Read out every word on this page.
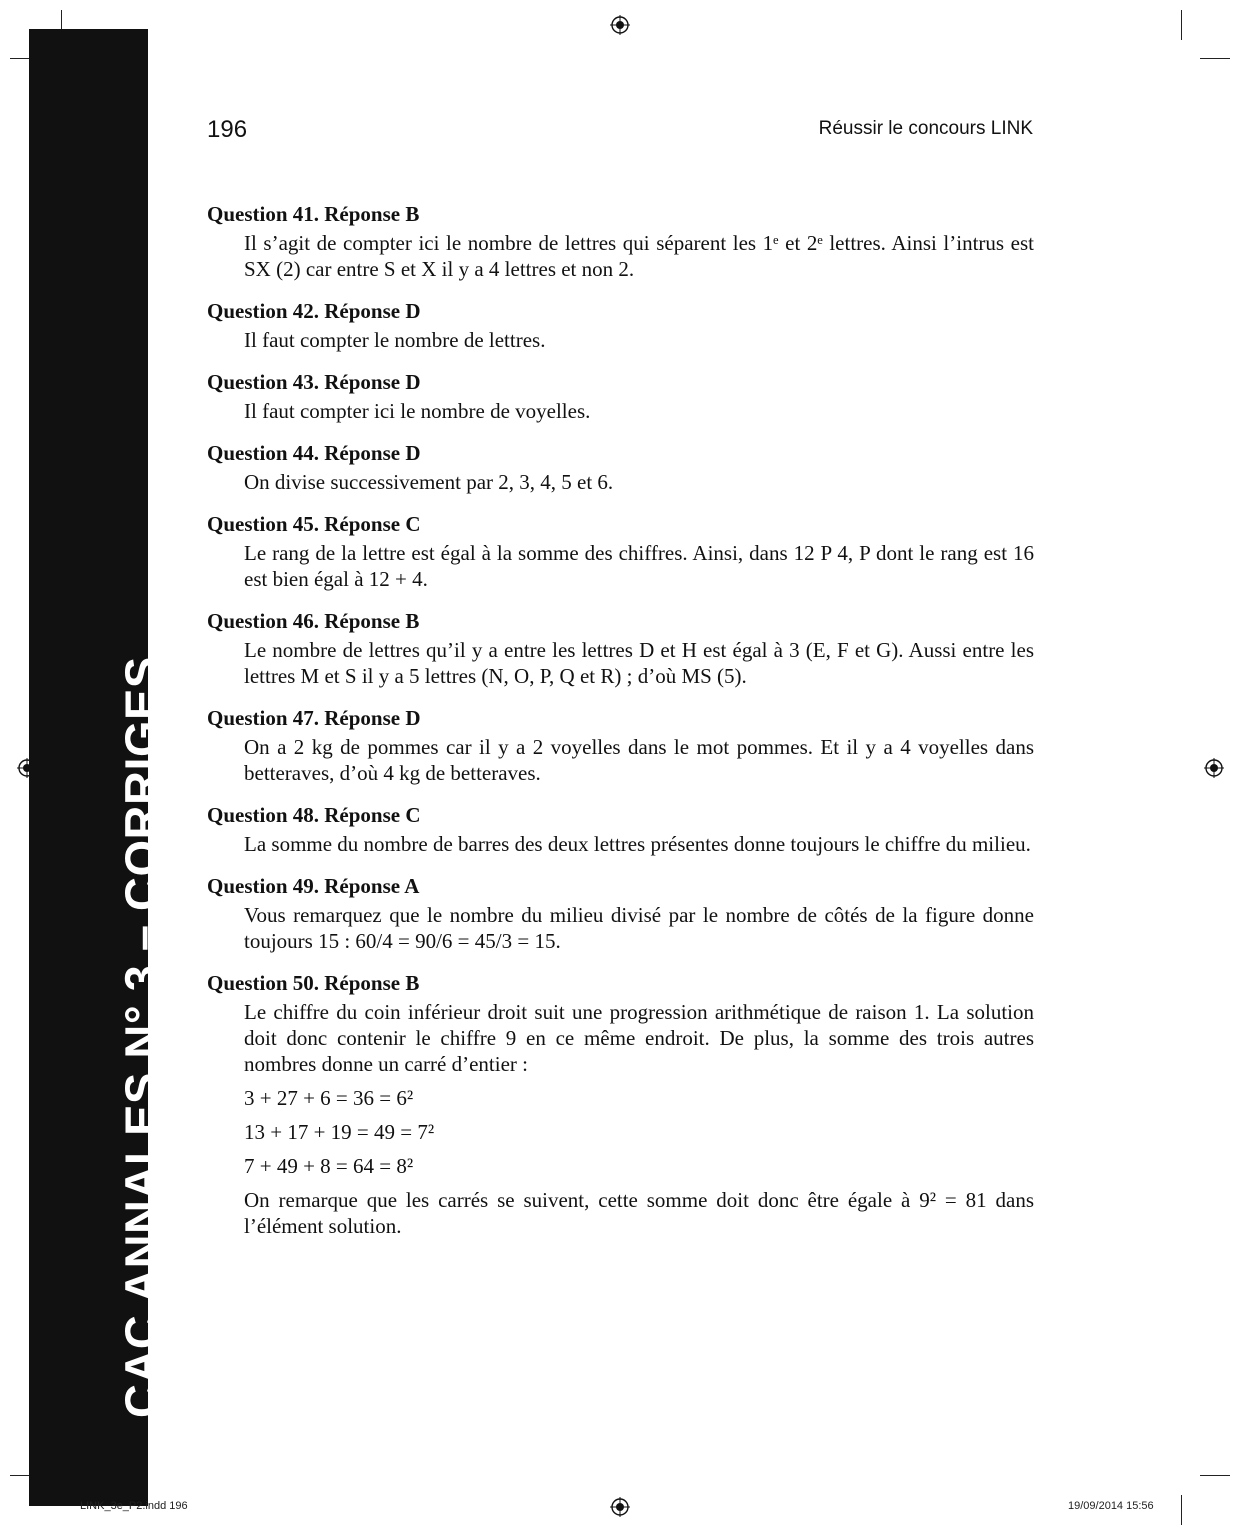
CAC ANNALES N° 3 – CORRIGES
196	Réussir le concours LINK

Question 41. Réponse B

Il s’agit de compter ici le nombre de lettres qui séparent les 1ᵉ et 2ᵉ lettres. Ainsi l’intrus est SX (2) car entre S et X il y a 4 lettres et non 2.

Question 42. Réponse D

Il faut compter le nombre de lettres.

Question 43. Réponse D

Il faut compter ici le nombre de voyelles.

Question 44. Réponse D

On divise successivement par 2, 3, 4, 5 et 6.

Question 45. Réponse C

Le rang de la lettre est égal à la somme des chiffres. Ainsi, dans 12 P 4, P dont le rang est 16 est bien égal à 12 + 4.

Question 46. Réponse B

Le nombre de lettres qu’il y a entre les lettres D et H est égal à 3 (E, F et G). Aussi entre les lettres M et S il y a 5 lettres (N, O, P, Q et R) ; d’où MS (5).

Question 47. Réponse D

On a 2 kg de pommes car il y a 2 voyelles dans le mot pommes. Et il y a 4 voyelles dans betteraves, d’où 4 kg de betteraves.

Question 48. Réponse C

La somme du nombre de barres des deux lettres présentes donne toujours le chiffre du milieu.

Question 49. Réponse A

Vous remarquez que le nombre du milieu divisé par le nombre de côtés de la figure donne toujours 15 : 60/4 = 90/6 = 45/3 = 15.

Question 50. Réponse B

Le chiffre du coin inférieur droit suit une progression arithmétique de raison 1. La solution doit donc contenir le chiffre 9 en ce même endroit. De plus, la somme des trois autres nombres donne un carré d’entier :

3 + 27 + 6 = 36 = 6²

13 + 17 + 19 = 49 = 7²

7 + 49 + 8 = 64 = 8²

On remarque que les carrés se suivent, cette somme doit donc être égale à 9² = 81 dans l’élément solution.

LINK_3e_P2.indd 196	19/09/2014 15:56
